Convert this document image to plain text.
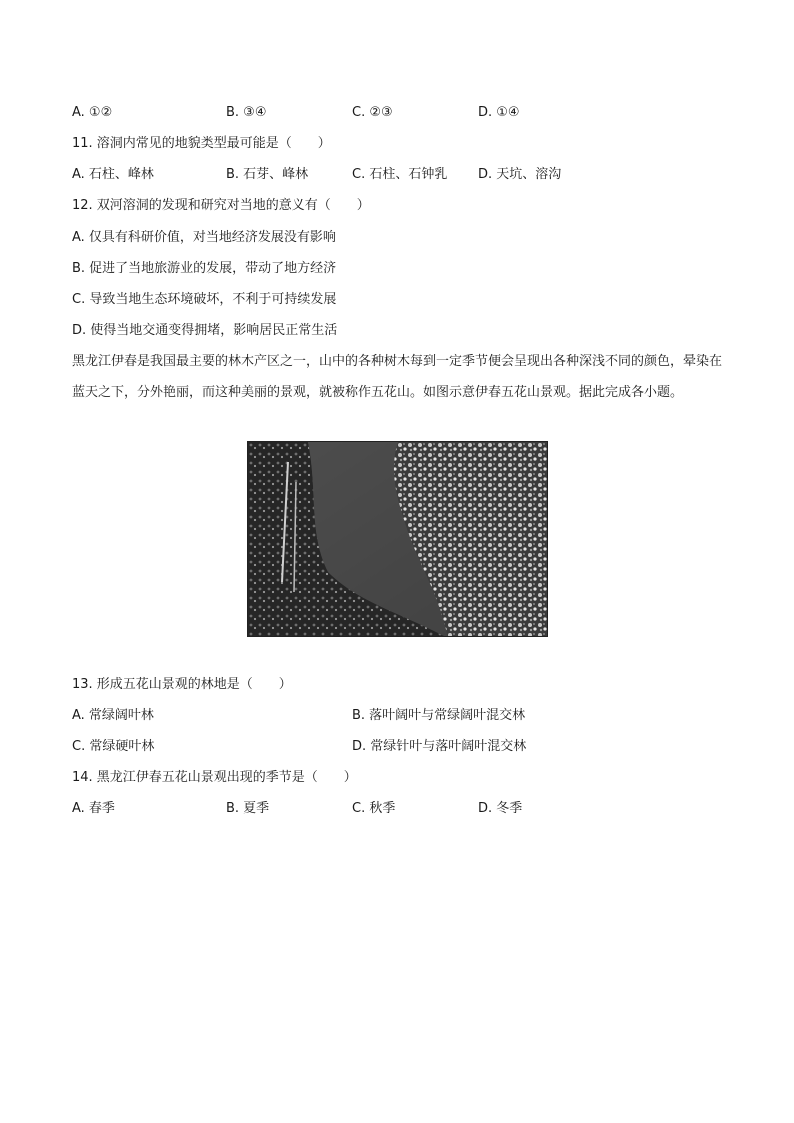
A. ①②	B. ③④	C. ②③	D. ①④
11. 溶洞内常见的地貌类型最可能是（　　）
A. 石柱、峰林	B. 石芽、峰林	C. 石柱、石钟乳 D. 天坑、溶沟
12. 双河溶洞的发现和研究对当地的意义有（　　）
A. 仅具有科研价值，对当地经济发展没有影响
B. 促进了当地旅游业的发展，带动了地方经济
C. 导致当地生态环境破坏，不利于可持续发展
D. 使得当地交通变得拥堵，影响居民正常生活
黑龙江伊春是我国最主要的林木产区之一，山中的各种树木每到一定季节便会呈现出各种深浅不同的颜色，晕染在蓝天之下，分外艳丽，而这种美丽的景观，就被称作五花山。如图示意伊春五花山景观。据此完成各小题。
13. 形成五花山景观的林地是（　　）
A. 常绿阔叶林	B. 落叶阔叶与常绿阔叶混交林
C. 常绿硬叶林	D. 常绿针叶与落叶阔叶混交林
14. 黑龙江伊春五花山景观出现的季节是（　　）
A. 春季	B. 夏季	C. 秋季	D. 冬季
